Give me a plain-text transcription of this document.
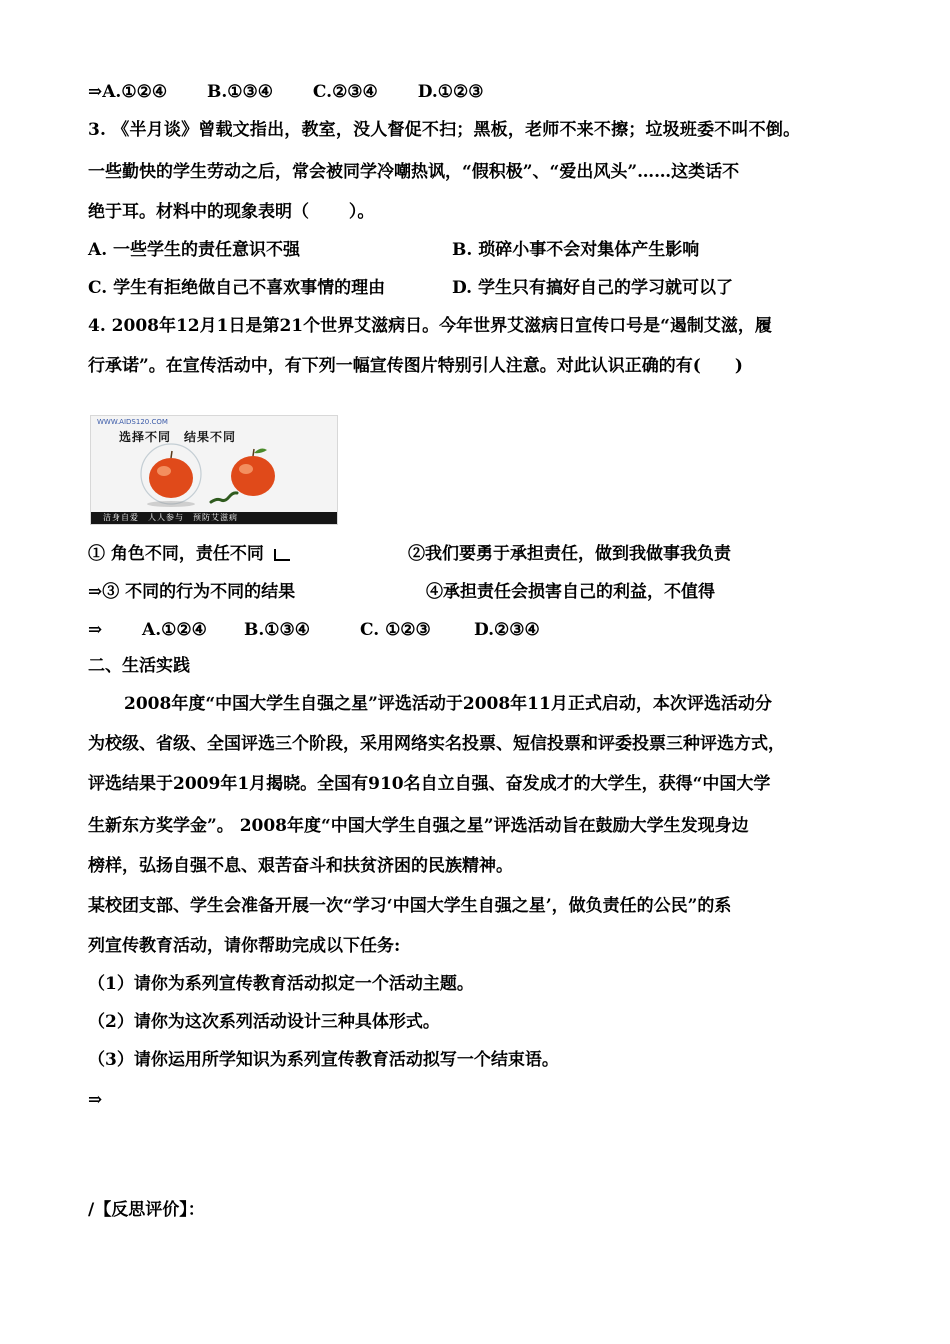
⇒A.①②④　　 B.①③④　　 C.②③④　　 D.①②③
3. 《半月谈》曾载文指出，教室，没人督促不扫；黑板，老师不来不擦；垃圾班委不叫不倒。
一些勤快的学生劳动之后，常会被同学冷嘲热讽，“假积极”、“爱出风头”……这类话不
绝于耳。材料中的现象表明（　　 ）。
A. 一些学生的责任意识不强	B. 琐碎小事不会对集体产生影响
C. 学生有拒绝做自己不喜欢事情的理由	D. 学生只有搞好自己的学习就可以了
4. 2008年12月1日是第21个世界艾滋病日。今年世界艾滋病日宣传口号是“遏制艾滋，履
行承诺”。在宣传活动中，有下列一幅宣传图片特别引人注意。对此认识正确的有(　　)
WWW.AIDS120.COM
选择不同　结果不同
洁身自爱　人人参与　预防艾滋病
① 角色不同，责任不同	②我们要勇于承担责任，做到我做事我负责
⇒③ 不同的行为不同的结果	④承担责任会损害自己的利益，不值得
⇒ A.①②④ B.①③④	C. ①②③	D.②③④
二、生活实践
2008年度“中国大学生自强之星”评选活动于2008年11月正式启动，本次评选活动分
为校级、省级、全国评选三个阶段，采用网络实名投票、短信投票和评委投票三种评选方式，
评选结果于2009年1月揭晓。全国有910名自立自强、奋发成才的大学生，获得“中国大学
生新东方奖学金”。 2008年度“中国大学生自强之星”评选活动旨在鼓励大学生发现身边
榜样，弘扬自强不息、艰苦奋斗和扶贫济困的民族精神。
某校团支部、学生会准备开展一次“学习‘中国大学生自强之星’，做负责任的公民”的系
列宣传教育活动，请你帮助完成以下任务:
（1）请你为系列宣传教育活动拟定一个活动主题。
（2）请你为这次系列活动设计三种具体形式。
（3）请你运用所学知识为系列宣传教育活动拟写一个结束语。
⇒
/【反思评价】：
